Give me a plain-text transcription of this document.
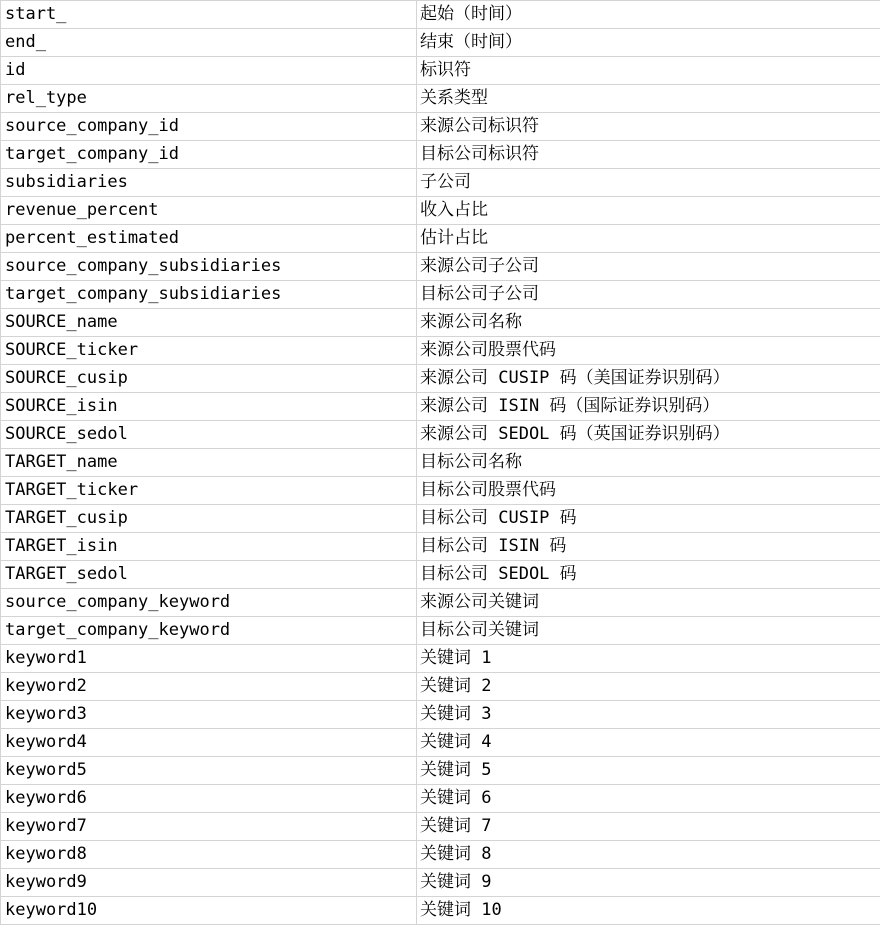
start_	起始（时间）
end_	结束（时间）
id	标识符
rel_type	关系类型
source_company_id	来源公司标识符
target_company_id	目标公司标识符
subsidiaries	子公司
revenue_percent	收入占比
percent_estimated	估计占比
source_company_subsidiaries	来源公司子公司
target_company_subsidiaries	目标公司子公司
SOURCE_name	来源公司名称
SOURCE_ticker	来源公司股票代码
SOURCE_cusip	来源公司 CUSIP 码（美国证券识别码）
SOURCE_isin	来源公司 ISIN 码（国际证券识别码）
SOURCE_sedol	来源公司 SEDOL 码（英国证券识别码）
TARGET_name	目标公司名称
TARGET_ticker	目标公司股票代码
TARGET_cusip	目标公司 CUSIP 码
TARGET_isin	目标公司 ISIN 码
TARGET_sedol	目标公司 SEDOL 码
source_company_keyword	来源公司关键词
target_company_keyword	目标公司关键词
keyword1	关键词 1
keyword2	关键词 2
keyword3	关键词 3
keyword4	关键词 4
keyword5	关键词 5
keyword6	关键词 6
keyword7	关键词 7
keyword8	关键词 8
keyword9	关键词 9
keyword10	关键词 10
